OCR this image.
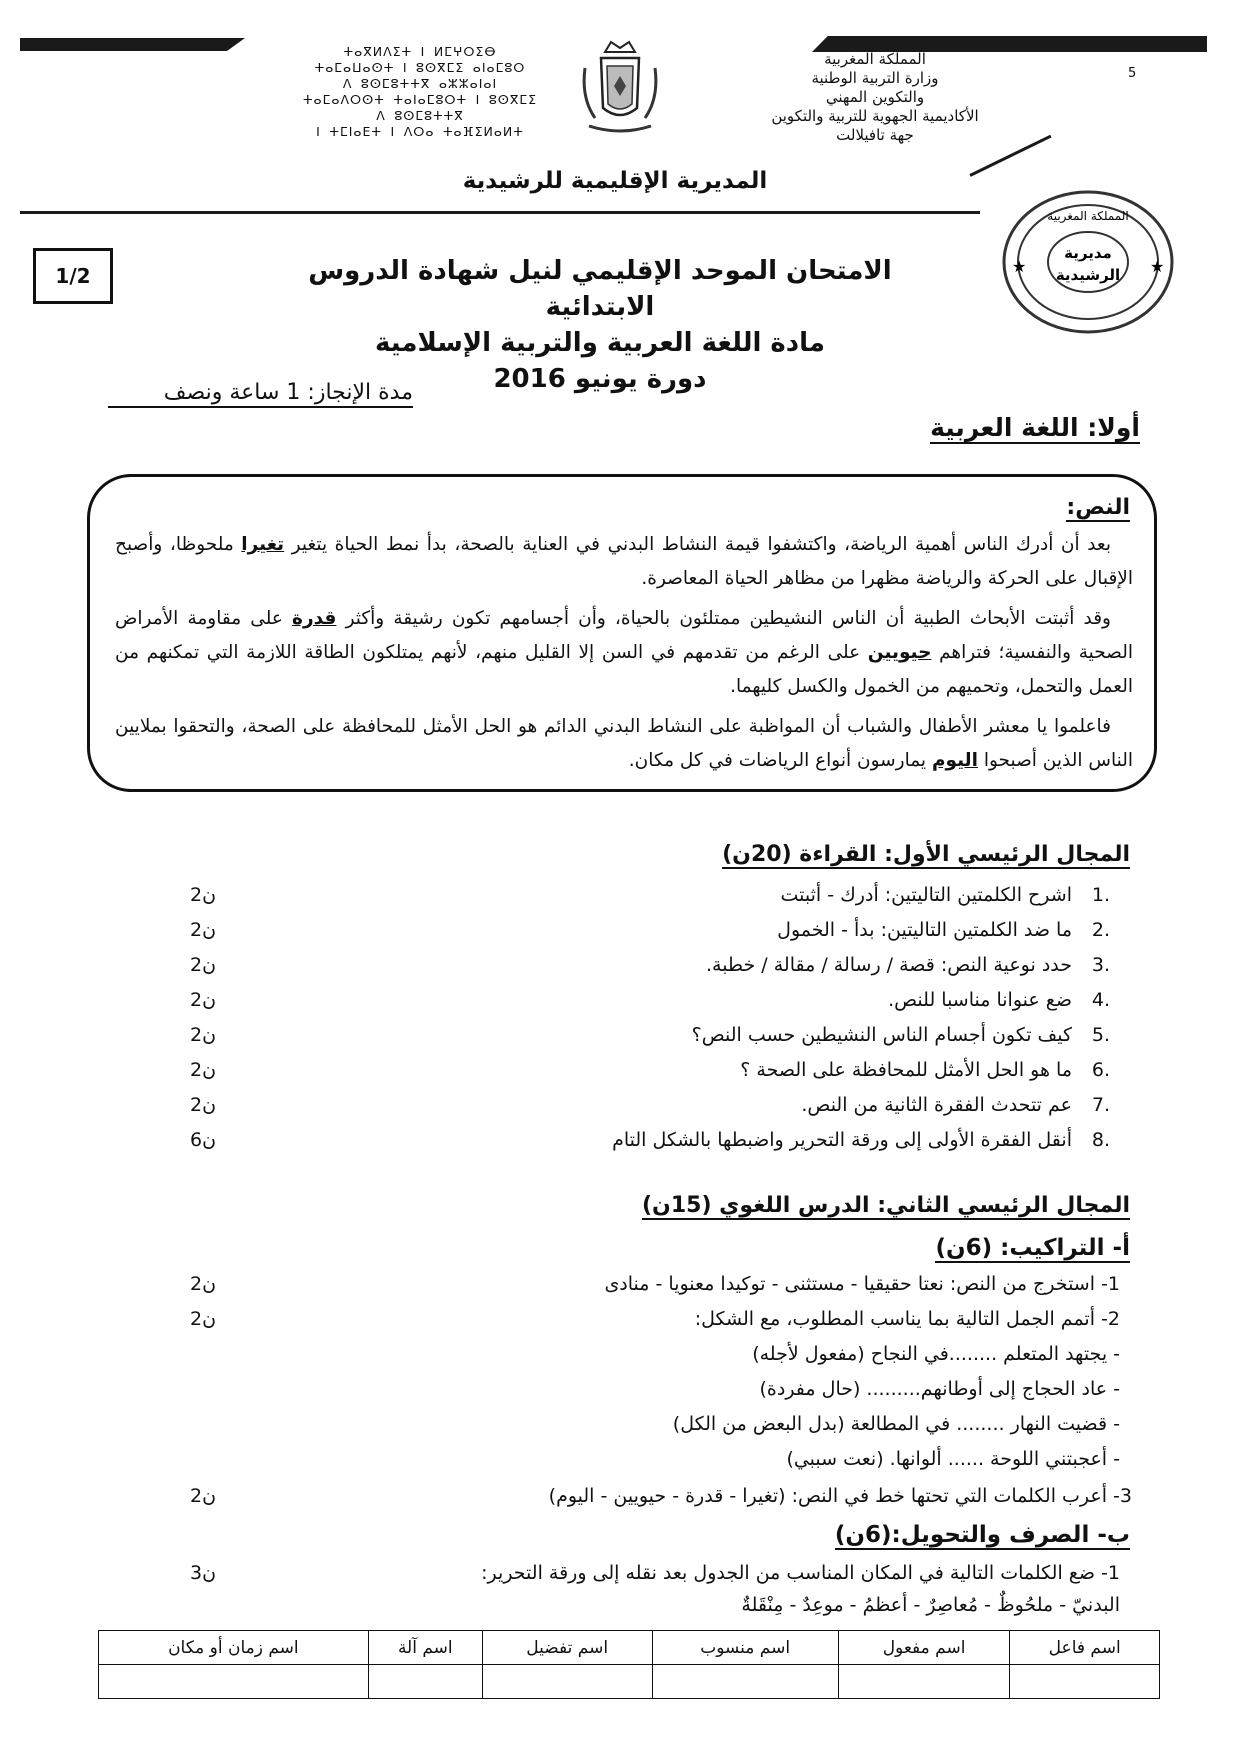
ⵜⴰⴳⵍⴷⵉⵜ ⵏ ⵍⵎⵖⵔⵉⴱ
ⵜⴰⵎⴰⵡⴰⵙⵜ ⵏ ⵓⵙⴳⵎⵉ ⴰⵏⴰⵎⵓⵔ
ⴷ ⵓⵙⵎⵓⵜⵜⴳ ⴰⵣⵣⴰⵏⴰⵏ
ⵜⴰⵎⴰⴷⵔⵙⵜ ⵜⴰⵏⴰⵎⵓⵔⵜ ⵏ ⵓⵙⴳⵎⵉ
ⴷ ⵓⵙⵎⵓⵜⵜⴳ
ⵏ ⵜⵎⵏⴰⴹⵜ ⵏ ⴷⵔⴰ ⵜⴰⴼⵉⵍⴰⵍⵜ
المملكة المغربية
وزارة التربية الوطنية
والتكوين المهني
الأكاديمية الجهوية للتربية والتكوين
جهة تافيلالت
5
المديرية الإقليمية للرشيدية
المملكة المغربية
مديرية
الرشيدية
★	★
1/2	الامتحان الموحد الإقليمي لنيل شهادة الدروس الابتدائية
مادة اللغة العربية والتربية الإسلامية
دورة يونيو 2016
مدة الإنجاز: 1 ساعة ونصف
أولا: اللغة العربية
النص:
بعد أن أدرك الناس أهمية الرياضة، واكتشفوا قيمة النشاط البدني في العناية بالصحة، بدأ نمط الحياة يتغير تغيرا ملحوظا، وأصبح الإقبال على الحركة والرياضة مظهرا من مظاهر الحياة المعاصرة.
وقد أثبتت الأبحاث الطبية أن الناس النشيطين ممتلئون بالحياة، وأن أجسامهم تكون رشيقة وأكثر قدرة على مقاومة الأمراض الصحية والنفسية؛ فتراهم حيويين على الرغم من تقدمهم في السن إلا القليل منهم، لأنهم يمتلكون الطاقة اللازمة التي تمكنهم من العمل والتحمل، وتحميهم من الخمول والكسل كليهما.
فاعلموا يا معشر الأطفال والشباب أن المواظبة على النشاط البدني الدائم هو الحل الأمثل للمحافظة على الصحة، والتحقوا بملايين الناس الذين أصبحوا اليوم يمارسون أنواع الرياضات في كل مكان.
المجال الرئيسي الأول: القراءة (20ن)
.1
اشرح الكلمتين التاليتين: أدرك - أثبتت
.2
ما ضد الكلمتين التاليتين: بدأ - الخمول
.3
حدد نوعية النص: قصة / رسالة / مقالة / خطبة.
.4
ضع عنوانا مناسبا للنص.
.5
كيف تكون أجسام الناس النشيطين حسب النص؟
.6
ما هو الحل الأمثل للمحافظة على الصحة ؟
.7
عم تتحدث الفقرة الثانية من النص.
.8
أنقل الفقرة الأولى إلى ورقة التحرير واضبطها بالشكل التام
2ن
2ن
2ن
2ن
2ن
2ن
2ن
6ن
المجال الرئيسي الثاني: الدرس اللغوي (15ن)
أ- التراكيب: (6ن)
1- استخرج من النص: نعتا حقيقيا - مستثنى - توكيدا معنويا - منادى
2ن
2- أتمم الجمل التالية بما يناسب المطلوب، مع الشكل:
2ن
- يجتهد المتعلم ........في النجاح (مفعول لأجله)
- عاد الحجاج إلى أوطانهم......... (حال مفردة)
- قضيت النهار ........ في المطالعة (بدل البعض من الكل)
- أعجبتني اللوحة ...... ألوانها. (نعت سببي)
3- أعرب الكلمات التي تحتها خط في النص: (تغيرا - قدرة - حيويين - اليوم)
2ن
ب- الصرف والتحويل:(6ن)
1- ضع الكلمات التالية في المكان المناسب من الجدول بعد نقله إلى ورقة التحرير:
3ن
البدنيّ - ملحُوظٌ - مُعاصِرٌ - أعظمُ - موعِدٌ - مِنْقَلةٌ
اسم فاعل	اسم مفعول	اسم منسوب	اسم تفضيل	اسم آلة	اسم زمان أو مكان
